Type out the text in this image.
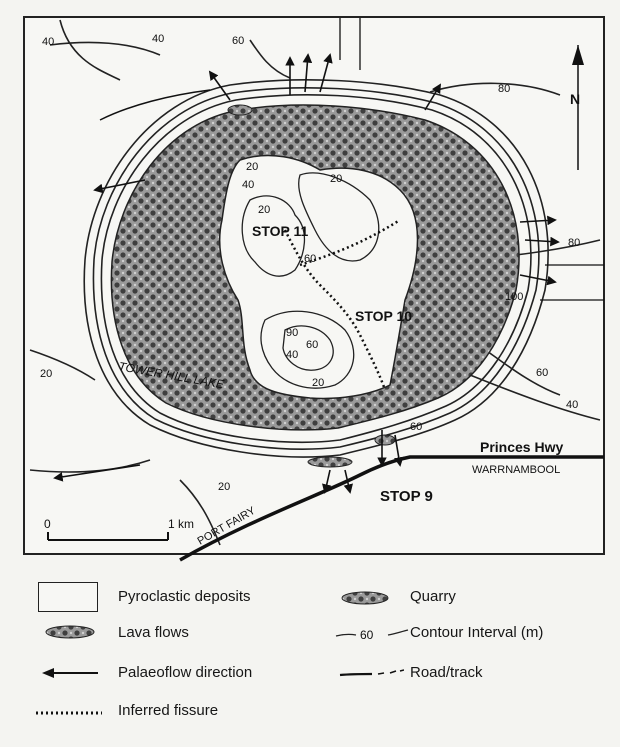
N
0	1 km
STOP 11
STOP 10
STOP 9
TOWER HILL LAKE
Princes Hwy
WARRNAMBOOL
PORT FAIRY
40	60
80
80
100
60
40
60
20
20
20
20
40
20
60
90
60
40
20
40
Pyroclastic deposits
Lava flows
Palaeoflow direction
Inferred fissure
Quarry
60 Contour Interval (m)
Road/track
